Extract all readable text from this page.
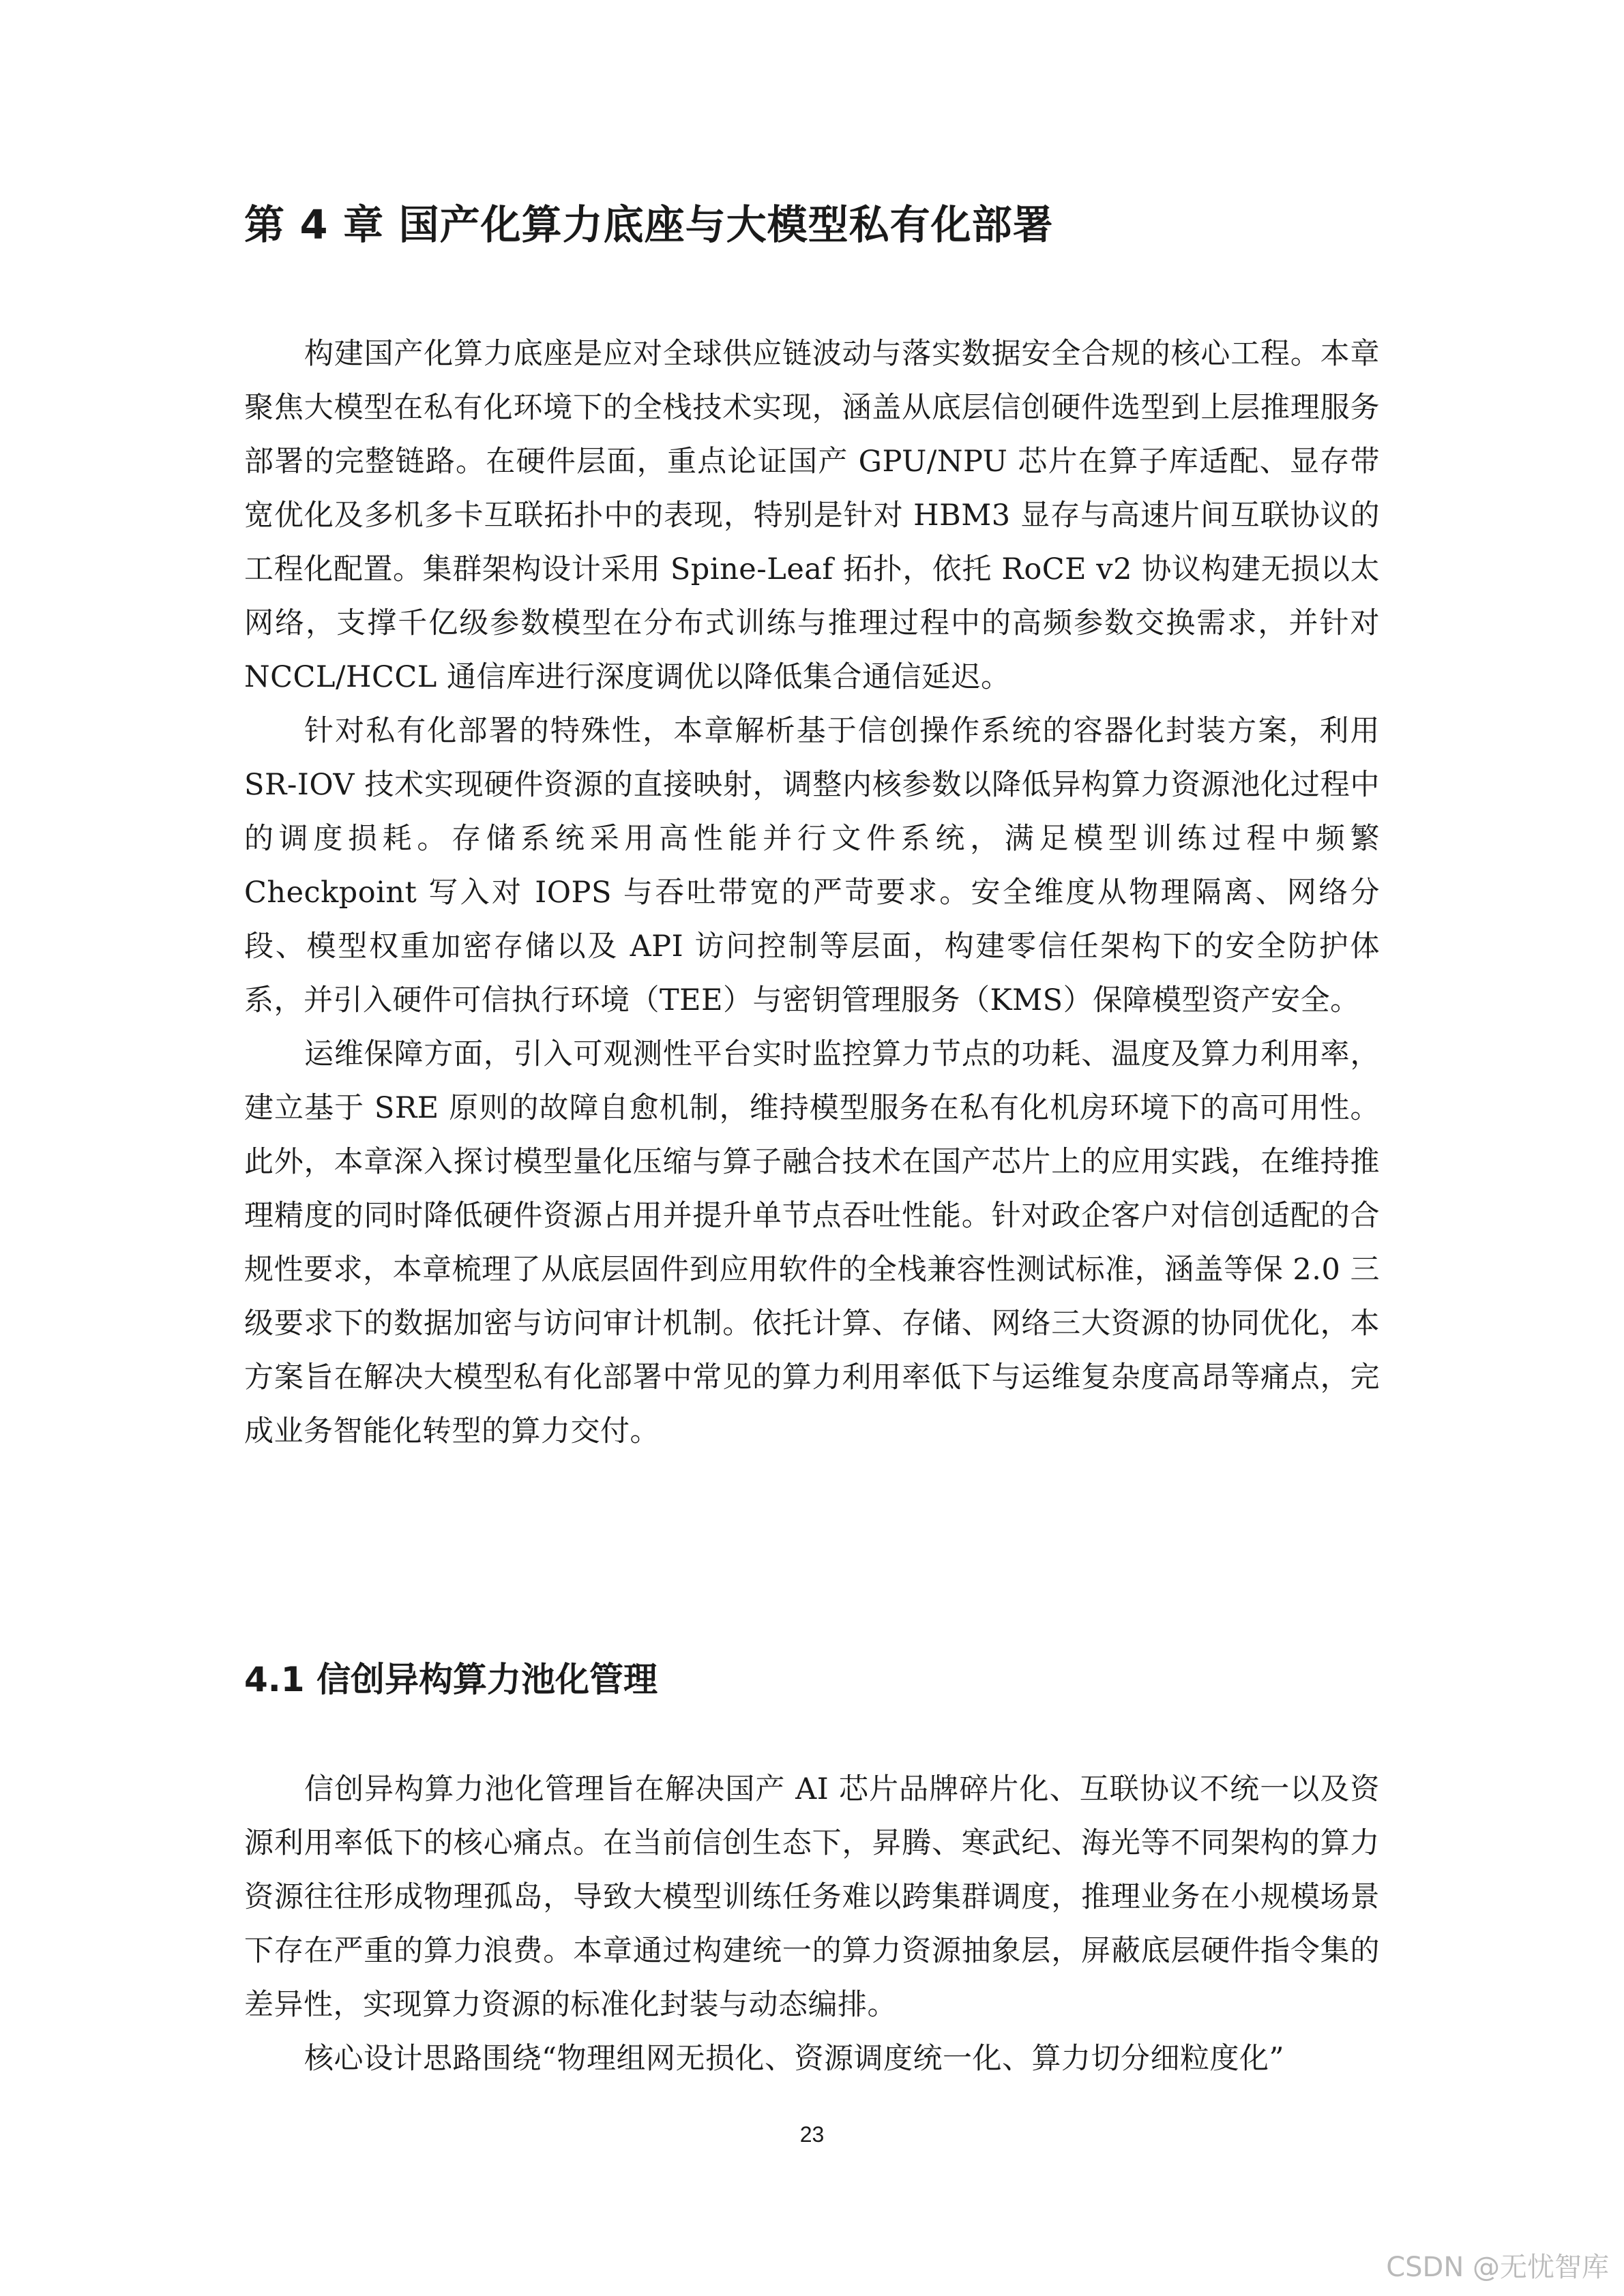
第 4 章 国产化算力底座与大模型私有化部署

构建国产化算力底座是应对全球供应链波动与落实数据安全合规的核心工程。本章聚焦大模型在私有化环境下的全栈技术实现，涵盖从底层信创硬件选型到上层推理服务部署的完整链路。在硬件层面，重点论证国产 GPU/NPU 芯片在算子库适配、显存带宽优化及多机多卡互联拓扑中的表现，特别是针对 HBM3 显存与高速片间互联协议的工程化配置。集群架构设计采用 Spine-Leaf 拓扑，依托 RoCE v2 协议构建无损以太网络，支撑千亿级参数模型在分布式训练与推理过程中的高频参数交换需求，并针对 NCCL/HCCL 通信库进行深度调优以降低集合通信延迟。

针对私有化部署的特殊性，本章解析基于信创操作系统的容器化封装方案，利用 SR-IOV 技术实现硬件资源的直接映射，调整内核参数以降低异构算力资源池化过程中的调度损耗。存储系统采用高性能并行文件系统，满足模型训练过程中频繁 Checkpoint 写入对 IOPS 与吞吐带宽的严苛要求。安全维度从物理隔离、网络分段、模型权重加密存储以及 API 访问控制等层面，构建零信任架构下的安全防护体系，并引入硬件可信执行环境（TEE）与密钥管理服务（KMS）保障模型资产安全。

运维保障方面，引入可观测性平台实时监控算力节点的功耗、温度及算力利用率，建立基于 SRE 原则的故障自愈机制，维持模型服务在私有化机房环境下的高可用性。此外，本章深入探讨模型量化压缩与算子融合技术在国产芯片上的应用实践，在维持推理精度的同时降低硬件资源占用并提升单节点吞吐性能。针对政企客户对信创适配的合规性要求，本章梳理了从底层固件到应用软件的全栈兼容性测试标准，涵盖等保 2.0 三级要求下的数据加密与访问审计机制。依托计算、存储、网络三大资源的协同优化，本方案旨在解决大模型私有化部署中常见的算力利用率低下与运维复杂度高昂等痛点，完成业务智能化转型的算力交付。

4.1 信创异构算力池化管理

信创异构算力池化管理旨在解决国产 AI 芯片品牌碎片化、互联协议不统一以及资源利用率低下的核心痛点。在当前信创生态下，昇腾、寒武纪、海光等不同架构的算力资源往往形成物理孤岛，导致大模型训练任务难以跨集群调度，推理业务在小规模场景下存在严重的算力浪费。本章通过构建统一的算力资源抽象层，屏蔽底层硬件指令集的差异性，实现算力资源的标准化封装与动态编排。

核心设计思路围绕“物理组网无损化、资源调度统一化、算力切分细粒度化”

23
CSDN @无忧智库
